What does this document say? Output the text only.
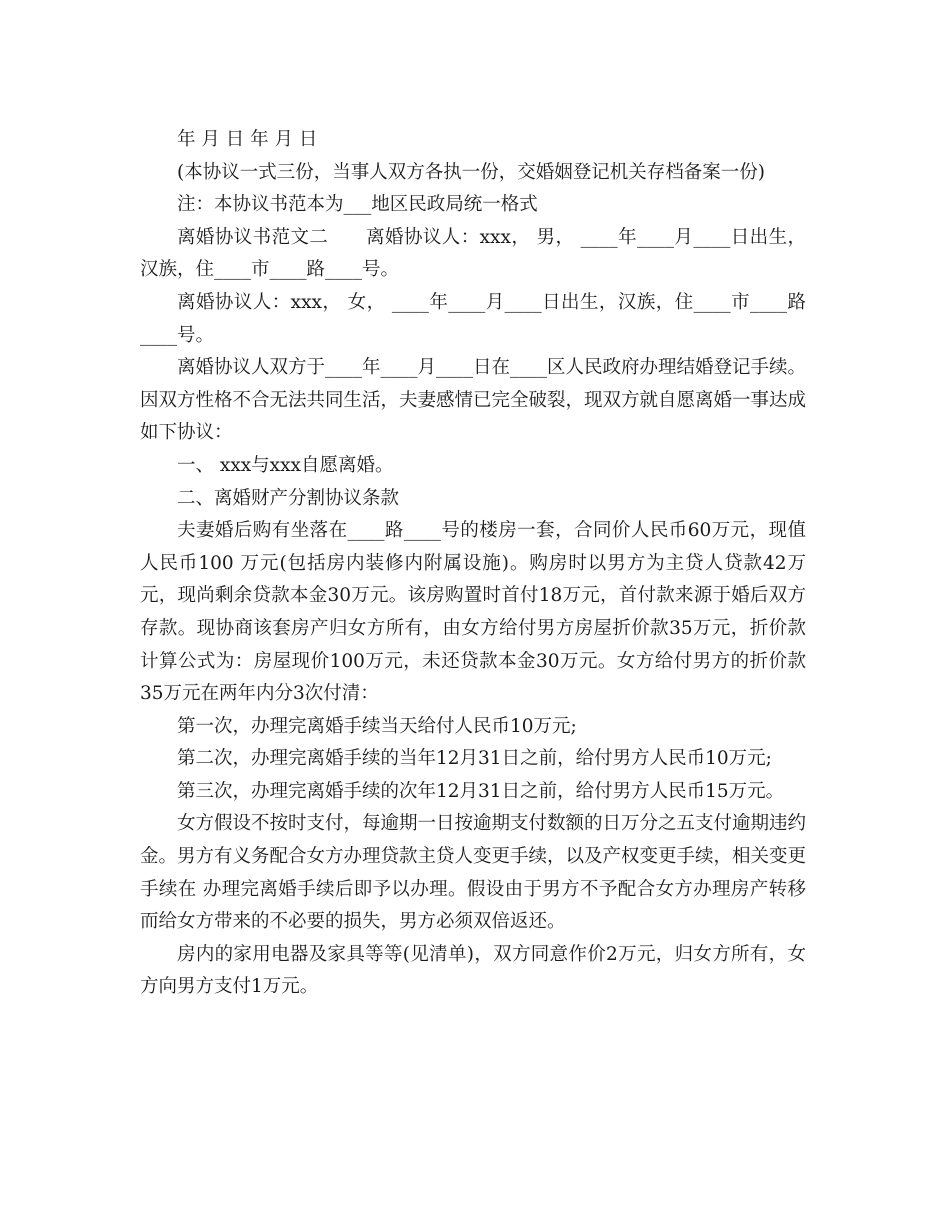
年 月 日 年 月 日

(本协议一式三份，当事人双方各执一份，交婚姻登记机关存档备案一份)

注：本协议书范本为___地区民政局统一格式

离婚协议书范文二　　离婚协议人：xxx， 男， ____年____月____日出生，汉族，住____市____路____号。

离婚协议人：xxx， 女， ____年____月____日出生，汉族，住____市____路____号。

离婚协议人双方于____年____月____日在____区人民政府办理结婚登记手续。因双方性格不合无法共同生活，夫妻感情已完全破裂，现双方就自愿离婚一事达成如下协议：

一、 xxx与xxx自愿离婚。

二、离婚财产分割协议条款

夫妻婚后购有坐落在____路____号的楼房一套，合同价人民币60万元，现值人民币100 万元(包括房内装修内附属设施)。购房时以男方为主贷人贷款42万元，现尚剩余贷款本金30万元。该房购置时首付18万元，首付款来源于婚后双方存款。现协商该套房产归女方所有，由女方给付男方房屋折价款35万元，折价款计算公式为：房屋现价100万元，未还贷款本金30万元。女方给付男方的折价款35万元在两年内分3次付清：

第一次，办理完离婚手续当天给付人民币10万元;

第二次，办理完离婚手续的当年12月31日之前，给付男方人民币10万元;

第三次，办理完离婚手续的次年12月31日之前，给付男方人民币15万元。

女方假设不按时支付，每逾期一日按逾期支付数额的日万分之五支付逾期违约金。男方有义务配合女方办理贷款主贷人变更手续，以及产权变更手续，相关变更手续在 办理完离婚手续后即予以办理。假设由于男方不予配合女方办理房产转移而给女方带来的不必要的损失，男方必须双倍返还。

房内的家用电器及家具等等(见清单)，双方同意作价2万元，归女方所有，女方向男方支付1万元。
